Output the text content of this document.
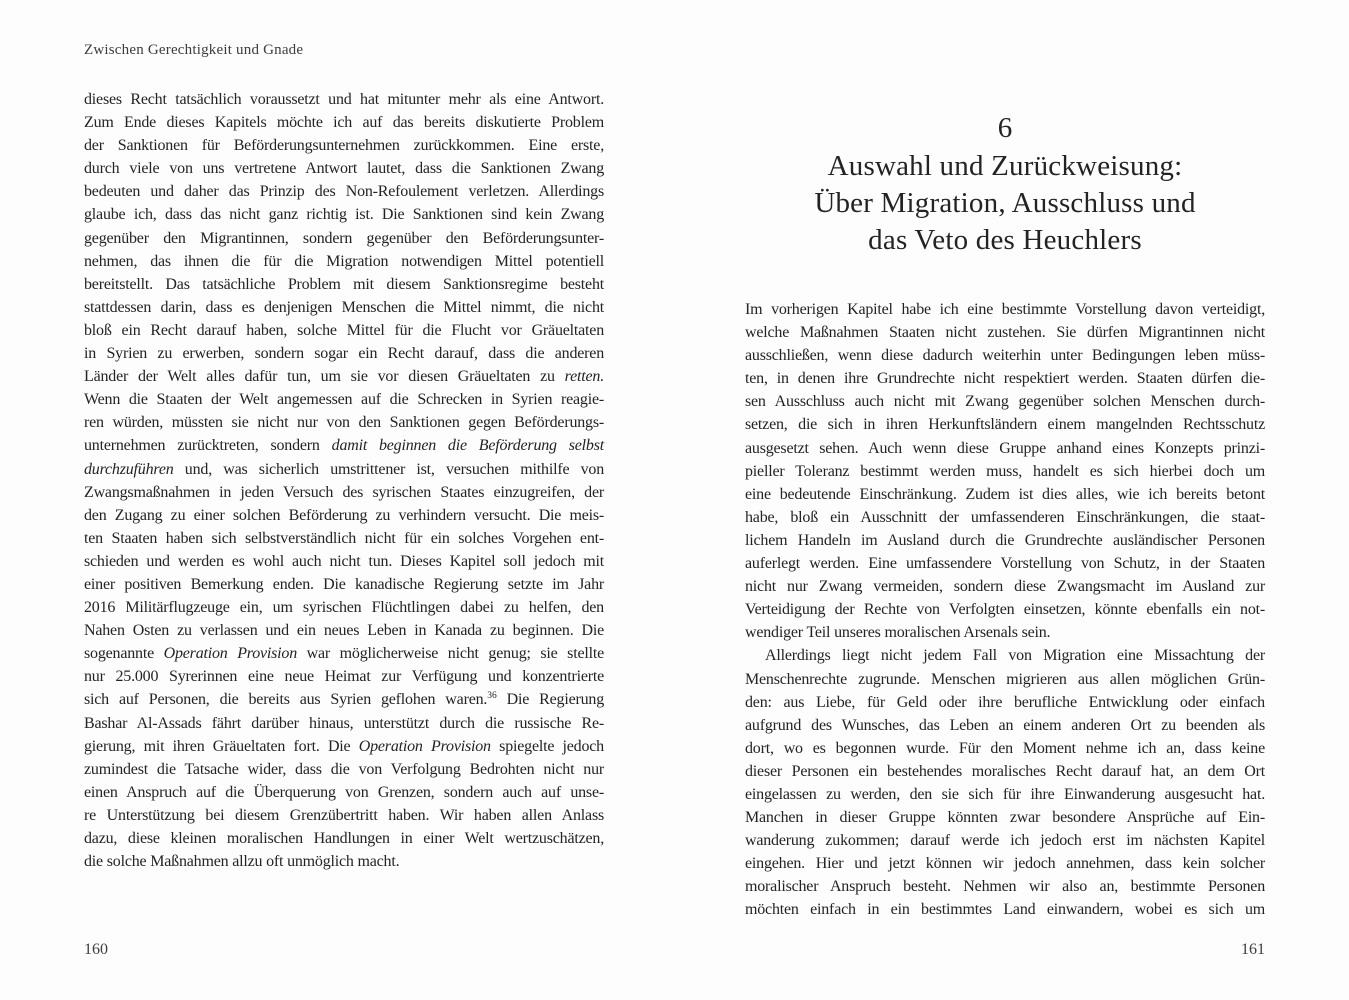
Zwischen Gerechtigkeit und Gnade
dieses Recht tatsächlich voraussetzt und hat mitunter mehr als eine Antwort.
Zum Ende dieses Kapitels möchte ich auf das bereits diskutierte Problem
der Sanktionen für Beförderungsunternehmen zurückkommen. Eine erste,
durch viele von uns vertretene Antwort lautet, dass die Sanktionen Zwang
bedeuten und daher das Prinzip des Non-Refoulement verletzen. Allerdings
glaube ich, dass das nicht ganz richtig ist. Die Sanktionen sind kein Zwang
gegenüber den Migrantinnen, sondern gegenüber den Beförderungsunter-
nehmen, das ihnen die für die Migration notwendigen Mittel potentiell
bereitstellt. Das tatsächliche Problem mit diesem Sanktionsregime besteht
stattdessen darin, dass es denjenigen Menschen die Mittel nimmt, die nicht
bloß ein Recht darauf haben, solche Mittel für die Flucht vor Gräueltaten
in Syrien zu erwerben, sondern sogar ein Recht darauf, dass die anderen
Länder der Welt alles dafür tun, um sie vor diesen Gräueltaten zu retten.
Wenn die Staaten der Welt angemessen auf die Schrecken in Syrien reagie-
ren würden, müssten sie nicht nur von den Sanktionen gegen Beförderungs-
unternehmen zurücktreten, sondern damit beginnen die Beförderung selbst
durchzuführen und, was sicherlich umstrittener ist, versuchen mithilfe von
Zwangsmaßnahmen in jeden Versuch des syrischen Staates einzugreifen, der
den Zugang zu einer solchen Beförderung zu verhindern versucht. Die meis-
ten Staaten haben sich selbstverständlich nicht für ein solches Vorgehen ent-
schieden und werden es wohl auch nicht tun. Dieses Kapitel soll jedoch mit
einer positiven Bemerkung enden. Die kanadische Regierung setzte im Jahr
2016 Militärflugzeuge ein, um syrischen Flüchtlingen dabei zu helfen, den
Nahen Osten zu verlassen und ein neues Leben in Kanada zu beginnen. Die
sogenannte Operation Provision war möglicherweise nicht genug; sie stellte
nur 25.000 Syrerinnen eine neue Heimat zur Verfügung und konzentrierte
sich auf Personen, die bereits aus Syrien geflohen waren.$^{36}$ Die Regierung
Bashar Al-Assads fährt darüber hinaus, unterstützt durch die russische Re-
gierung, mit ihren Gräueltaten fort. Die Operation Provision spiegelte jedoch
zumindest die Tatsache wider, dass die von Verfolgung Bedrohten nicht nur
einen Anspruch auf die Überquerung von Grenzen, sondern auch auf unse-
re Unterstützung bei diesem Grenzübertritt haben. Wir haben allen Anlass
dazu, diese kleinen moralischen Handlungen in einer Welt wertzuschätzen,
die solche Maßnahmen allzu oft unmöglich macht.
160
6
Auswahl und Zurückweisung:
Über Migration, Ausschluss und
das Veto des Heuchlers
Im vorherigen Kapitel habe ich eine bestimmte Vorstellung davon verteidigt,
welche Maßnahmen Staaten nicht zustehen. Sie dürfen Migrantinnen nicht
ausschließen, wenn diese dadurch weiterhin unter Bedingungen leben müss-
ten, in denen ihre Grundrechte nicht respektiert werden. Staaten dürfen die-
sen Ausschluss auch nicht mit Zwang gegenüber solchen Menschen durch-
setzen, die sich in ihren Herkunftsländern einem mangelnden Rechtsschutz
ausgesetzt sehen. Auch wenn diese Gruppe anhand eines Konzepts prinzi-
pieller Toleranz bestimmt werden muss, handelt es sich hierbei doch um
eine bedeutende Einschränkung. Zudem ist dies alles, wie ich bereits betont
habe, bloß ein Ausschnitt der umfassenderen Einschränkungen, die staat-
lichem Handeln im Ausland durch die Grundrechte ausländischer Personen
auferlegt werden. Eine umfassendere Vorstellung von Schutz, in der Staaten
nicht nur Zwang vermeiden, sondern diese Zwangsmacht im Ausland zur
Verteidigung der Rechte von Verfolgten einsetzen, könnte ebenfalls ein not-
wendiger Teil unseres moralischen Arsenals sein.
Allerdings liegt nicht jedem Fall von Migration eine Missachtung der
Menschenrechte zugrunde. Menschen migrieren aus allen möglichen Grün-
den: aus Liebe, für Geld oder ihre berufliche Entwicklung oder einfach
aufgrund des Wunsches, das Leben an einem anderen Ort zu beenden als
dort, wo es begonnen wurde. Für den Moment nehme ich an, dass keine
dieser Personen ein bestehendes moralisches Recht darauf hat, an dem Ort
eingelassen zu werden, den sie sich für ihre Einwanderung ausgesucht hat.
Manchen in dieser Gruppe könnten zwar besondere Ansprüche auf Ein-
wanderung zukommen; darauf werde ich jedoch erst im nächsten Kapitel
eingehen. Hier und jetzt können wir jedoch annehmen, dass kein solcher
moralischer Anspruch besteht. Nehmen wir also an, bestimmte Personen
möchten einfach in ein bestimmtes Land einwandern, wobei es sich um
161
